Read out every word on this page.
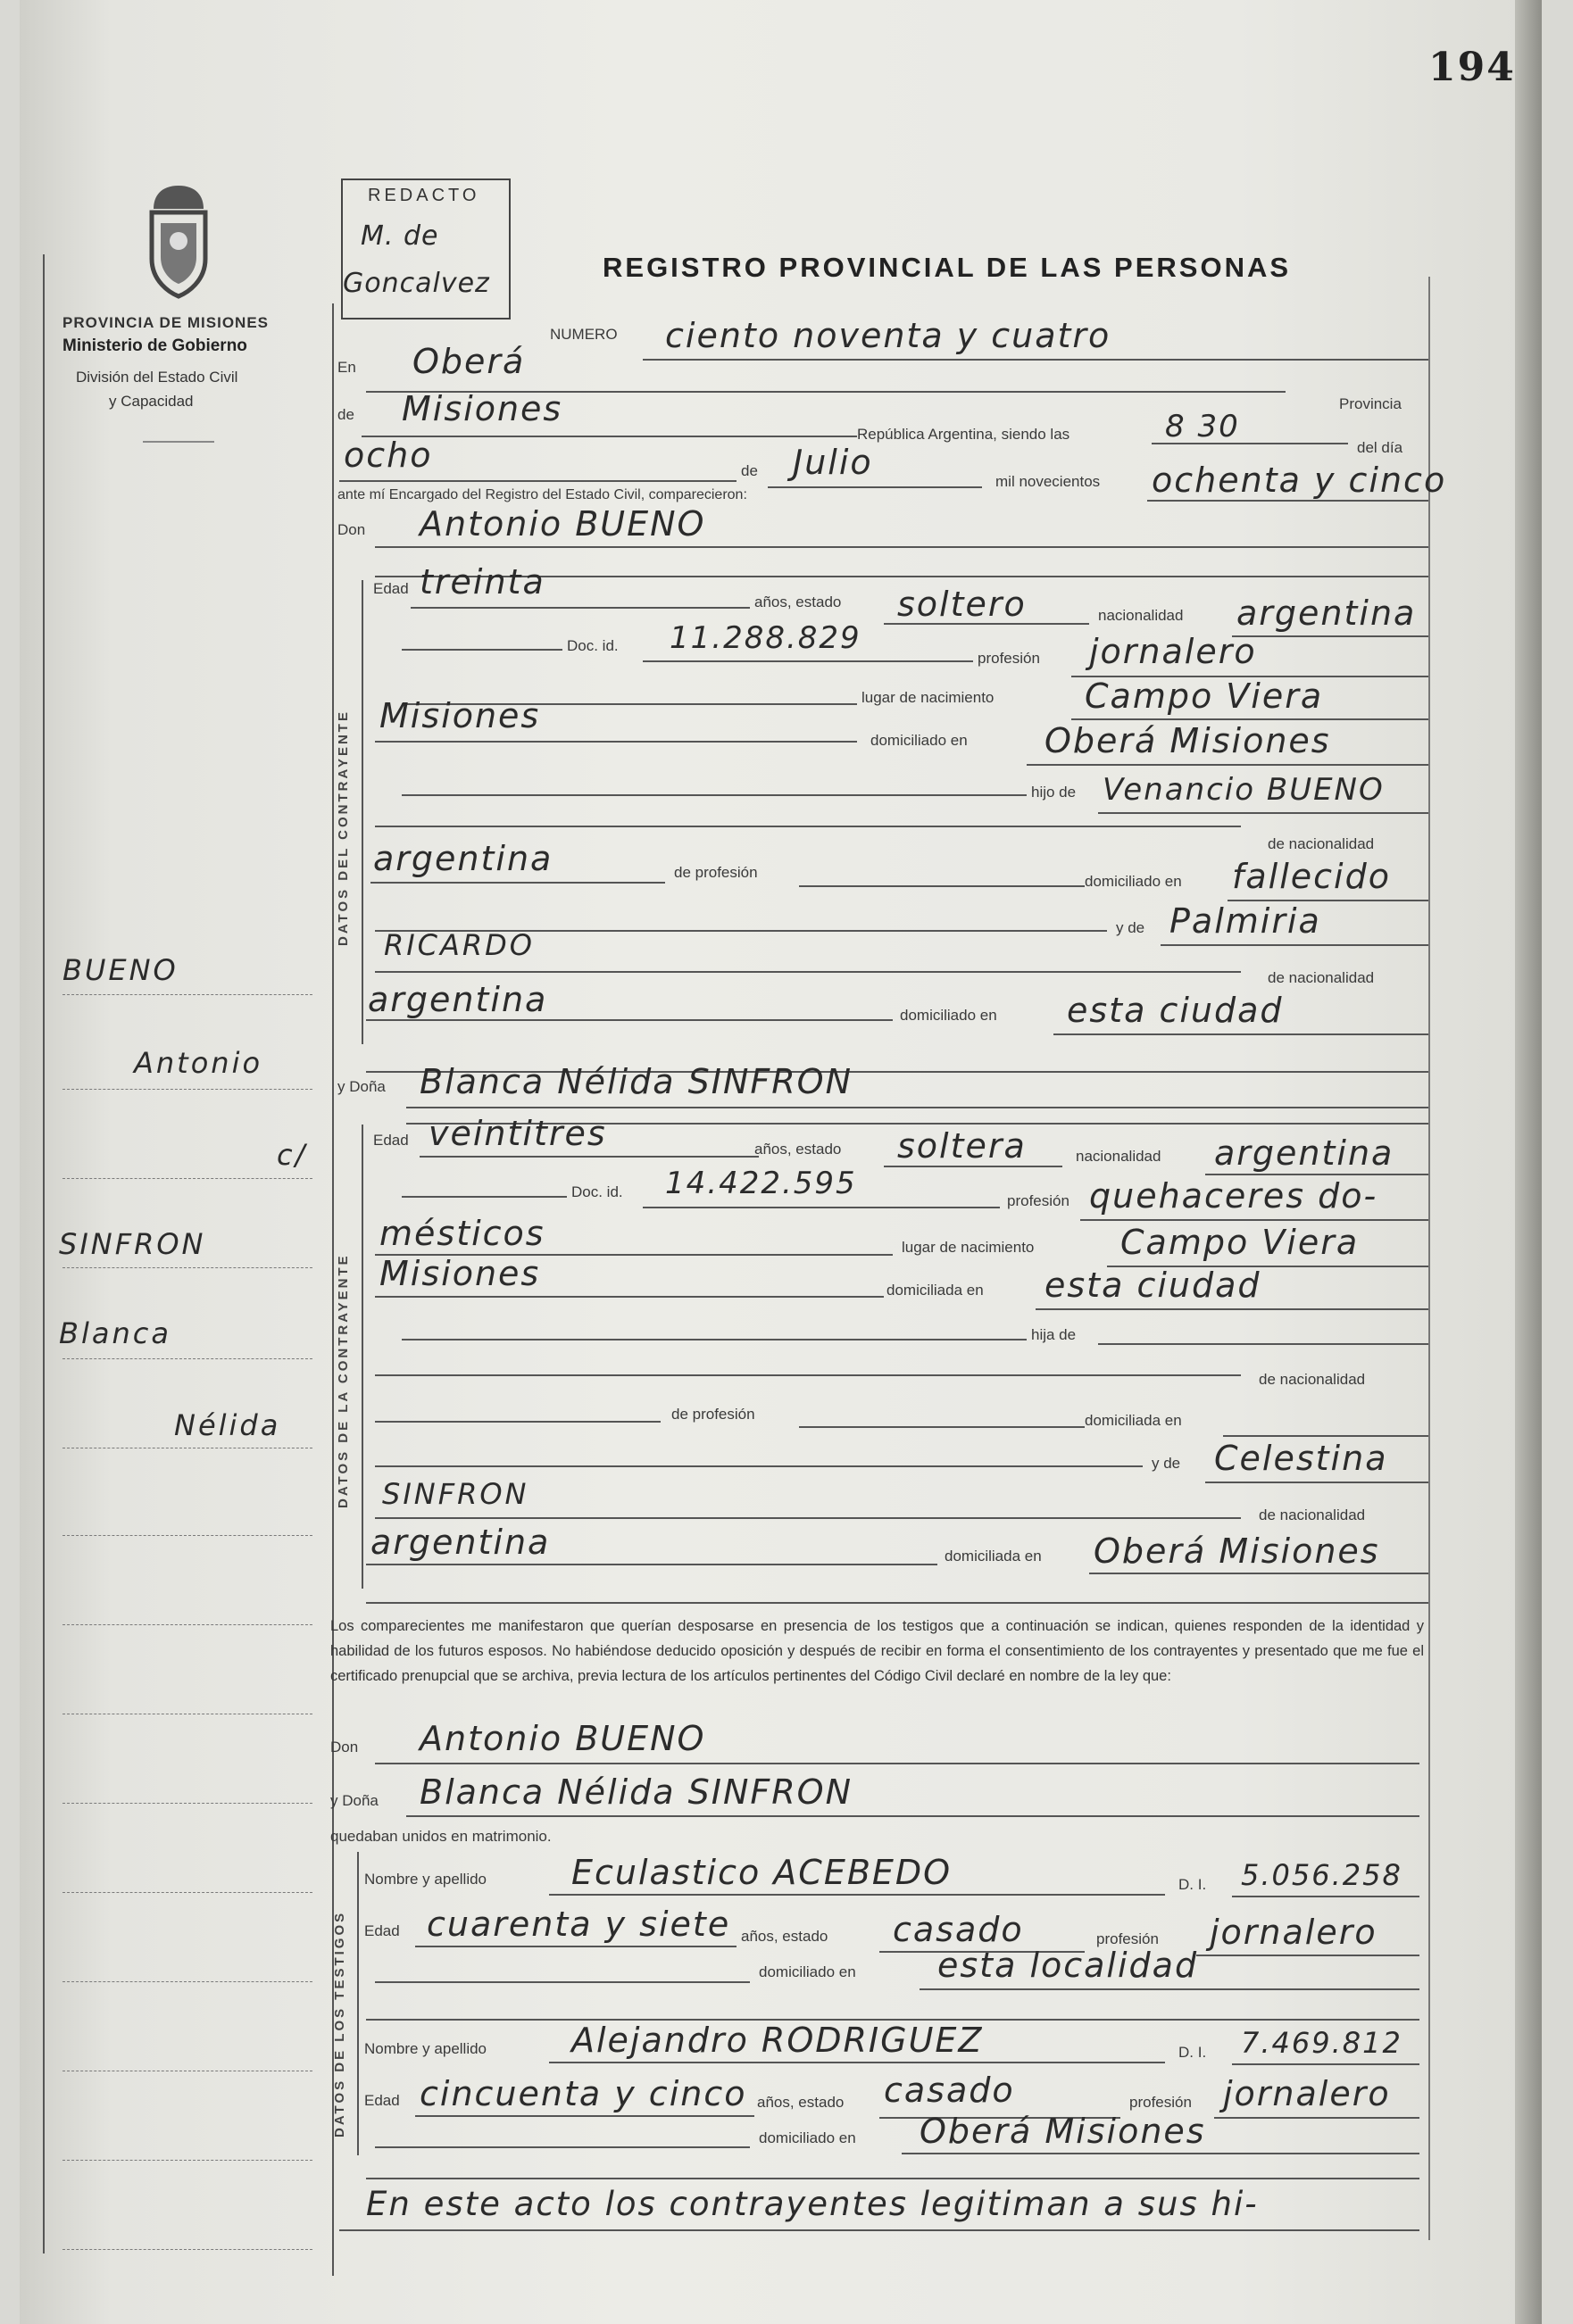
194
PROVINCIA DE MISIONES
Ministerio de Gobierno
División del Estado Civil
y Capacidad
REDACTO
M. de
Goncalvez
REGISTRO PROVINCIAL DE LAS PERSONAS
BUENO
Antonio
c/
SINFRON
Blanca
Nélida
NUMERO ciento noventa y cuatro
En Oberá
Provincia
de Misiones
República Argentina, siendo las	8 30
del día
ocho	de Julio	mil novecientos ochenta y cinco
ante mí Encargado del Registro del Estado Civil, comparecieron:
Don Antonio BUENO
DATOS DEL CONTRAYENTE
Edad treinta
años, estado soltero	nacionalidad argentina
Doc. id. 11.288.829
profesión jornalero
lugar de nacimiento	Campo Viera
Misiones
domiciliado en Oberá Misiones
hijo de Venancio BUENO
de nacionalidad
argentina	de profesión
domiciliado en fallecido
y de Palmiria
RICARDO
de nacionalidad
argentina	domiciliado en esta ciudad
y Doña Blanca Nélida SINFRON
DATOS DE LA CONTRAYENTE
Edad veintitres	años, estado soltera	nacionalidad argentina
Doc. id. 14.422.595	profesión quehaceres do-
mésticos	lugar de nacimiento	Campo Viera
Misiones	domiciliada en esta ciudad
hija de
de nacionalidad
de profesión	domiciliada en
y de Celestina
SINFRON
de nacionalidad
argentina	domiciliada en Oberá Misiones
Los comparecientes me manifestaron que querían desposarse en presencia de los testigos que a continuación se indican, quienes responden de la identidad y habilidad de los futuros esposos. No habiéndose deducido oposición y después de recibir en forma el consentimiento de los contrayentes y presentado que me fue el certificado prenupcial que se archiva, previa lectura de los artículos pertinentes del Código Civil declaré en nombre de la ley que:
Don Antonio BUENO
y Doña Blanca Nélida SINFRON
quedaban unidos en matrimonio.
DATOS DE LOS TESTIGOS
Nombre y apellido Eculastico ACEBEDO	D. I. 5.056.258
Edad cuarenta y siete años, estado casado	profesión jornalero
domiciliado en esta localidad
Nombre y apellido Alejandro RODRIGUEZ	D. I. 7.469.812
Edad cincuenta y cinco años, estado casado	profesión jornalero
domiciliado en Oberá Misiones
En este acto los contrayentes legitiman a sus hi-
